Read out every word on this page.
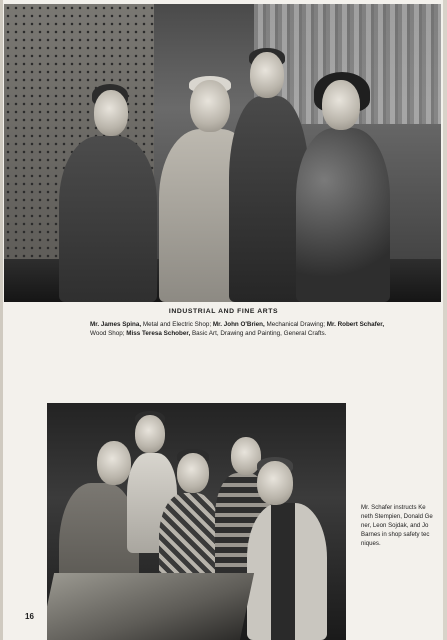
INDUSTRIAL AND FINE ARTS
Mr. James Spina, Metal and Electric Shop; Mr. John O'Brien, Mechanical Drawing; Mr. Robert Schafer, Wood Shop; Miss Teresa Schober, Basic Art, Drawing and Painting, General Crafts.
Mr. Schafer instructs Ke
neth Stempien, Donald Ge
ner, Leon Sojdak, and Jo
Barnes in shop safety tec
niques.
16
